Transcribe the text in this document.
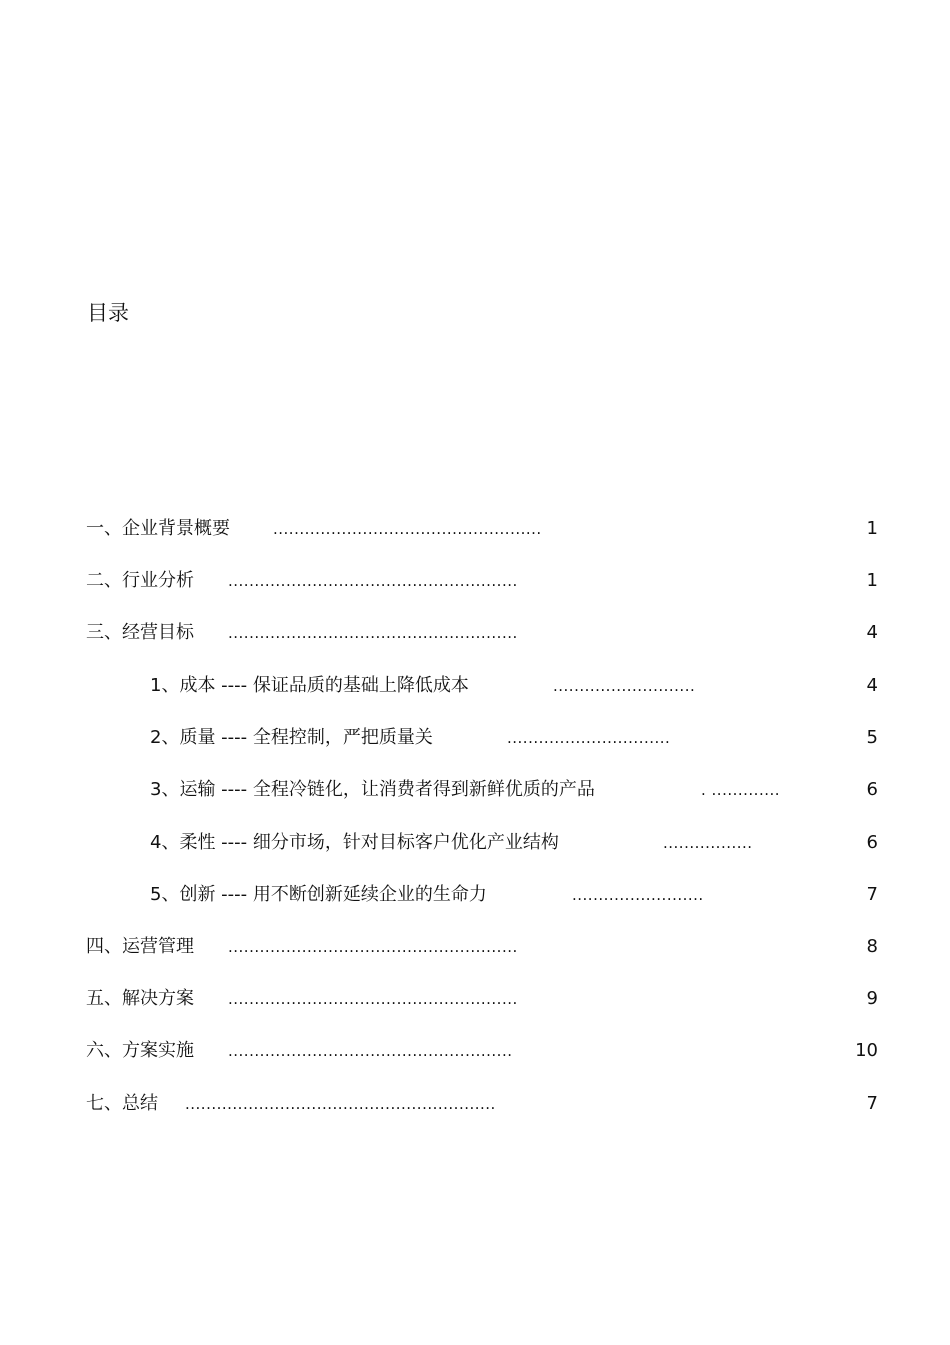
目录
一、企业背景概要	...................................................	1
二、行业分析 .......................................................	1
三、经营目标 .......................................................	4
1、成本 ---- 保证品质的基础上降低成本	...........................	4
2、质量 ---- 全程控制，严把质量关	...............................	5
3、运输 ---- 全程冷链化，让消费者得到新鲜优质的产品	. .............	6
4、柔性 ---- 细分市场，针对目标客户优化产业结构	.................	6
5、创新 ---- 用不断创新延续企业的生命力	.........................	7
四、运营管理 .......................................................	8
五、解决方案 .......................................................	9
六、方案实施 ......................................................	10
七、总结 ...........................................................	7
